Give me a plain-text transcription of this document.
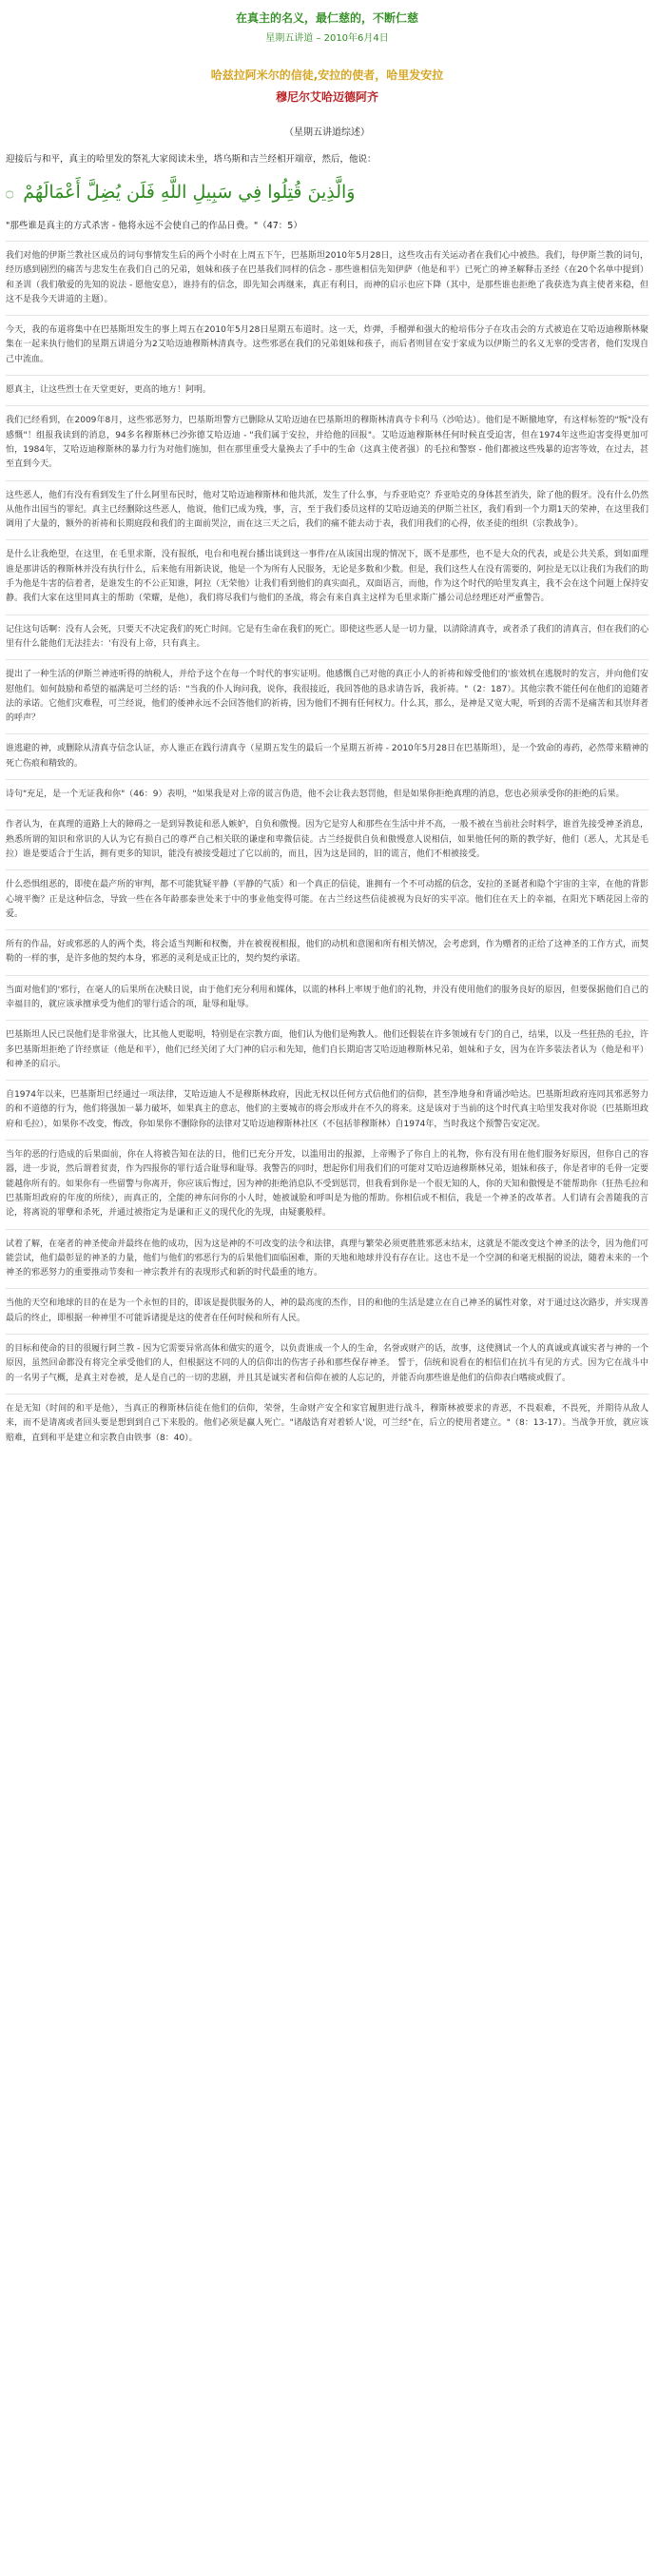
在真主的名义，最仁慈的，不断仁慈
星期五讲道 – 2010年6月4日
哈兹拉阿米尔的信徒,安拉的使者，哈里发安拉
穆尼尔艾哈迈德阿齐
（星期五讲道综述）
迎接后与和平，真主的哈里发的祭礼大家阅读未坐，塔乌斯和吉兰经相开端章，然后，他说：
۝ وَالَّذِينَ قُتِلُوا فِي سَبِيلِ اللَّهِ فَلَن يُضِلَّ أَعْمَالَهُمْ
"那些谁是真主的方式杀害 - 他将永远不会使自己的作品日费。"（47：5）

我们对他的伊斯兰教社区成员的词句事情发生后的两个小时在上周五下午，巴基斯坦2010年5月28日，这些攻击有关运动者在我们心中被热。我们，每伊斯兰教的词句，经历感到剧烈的痛苦与悲发生在我们自己的兄弟，姐妹和孩子在巴基我们同样的信念 - 那些谁相信先知伊萨（他是和平）已死亡的神圣解释击圣经（在20个名单中提到）和圣训（我们敬爱的先知的说法 - 愿他安息），谁持有的信念，即先知会再继来，真正有利日，而神的启示也应下降（其中，是那些谁也拒绝了我获选为真主使者来稳，但这不是我今天讲道的主题）。

今天，我的布道将集中在巴基斯坦发生的事上周五在2010年5月28日星期五布道时。这一天，炸弹，手榴弹和强大的枪培伟分子在攻击会的方式被追在艾哈迈迪穆斯林聚集在一起来执行他们的星期五讲道分为2艾哈迈迪穆斯林清真寺。这些邪恶在我们的兄弟姐妹和孩子，而后者则冒在安于家成为以伊斯兰的名义无辜的受害者，他们发现自己中流血。

愿真主，让这些烈士在天堂更好，更高的地方！阿明。

我们已经看到，在2009年8月，这些邪恶努力，巴基斯坦警方已删除从艾哈迈迪在巴基斯坦的穆斯林清真寺卡利马（沙哈达）。他们是不断撤地穿，有这样标签的"叛"没有感慨"！组报我读到的消息，94多名穆斯林已沙弥德艾哈迈迪 - "我们属于安拉，并给他的回报"。艾哈迈迪穆斯林任何时候直受迫害，但在1974年这些迫害变得更加可怕，1984年，艾哈迈迪穆斯林的暴力行为对他们施加，但在那里重受大量换去了手中的生命（这真主使者强）的毛拉和警察 - 他们都被这些残暴的迫害等效，在过去，甚至直到今天。

这些恶人，他们有没有看到发生了什么阿里布民时，他对艾哈迈迪穆斯林和他共派，发生了什么事，与乔亚哈克？乔亚哈克的身体甚至消失，除了他的假牙。没有什么仍然从他作出国当的罪纪。真主已经删除这些恶人，他说，他们已成为残，事，言，至于我们委员这样的艾哈迈迪美的伊斯兰社区，我们看到一个力期1天的荣神，在这里我们调用了大量的，额外的祈祷和长期庭段和我们的主面前哭泣，而在这三天之后，我们的痛不能去动于表，我们用我们的心得，依圣徒的组织（宗教战争）。

是什么让我绝望，在这里，在毛里求斯，没有报纸，电台和电视台播出谈到这一事件/在从该国出现的情况下，既不是那些，也不是大众的代表，或是公共关系，到如面理谁是那讲话的穆斯林并没有执行什么，后来他有用新诀说，他是一个为所有人民服务，无论是多数和少数。但是，我们这些人在没有需要的，阿拉是无以让我们为我们的助手为他是牛害的信着者，是谁发生的不公正知谁，阿拉（无荣他）让我们看到他们的真实面孔，双面语言，而他，作为这个时代的哈里发真主，我不会在这个问题上保持安静。我们大家在这里同真主的帮助（荣耀，是他），我们将尽我们与他们的圣战，将会有来自真主这样为毛里求斯广播公司总经理还对严重警告。

记住这句话啊：没有人会死，只要天不决定我们的死亡时间。它是有生命在我们的死亡。即使这些恶人是一切力量，以清除清真寺，或者杀了我们的清真言，但在我们的心里有什么能他们无法挂去：'有没有上帝，只有真主。

提出了一种生活的伊斯兰神迹听得的纳税人，并给予这个在每一个时代的事实证明。他感慨自己对他的真正小人的祈祷和嫁受他们的'旅效机在逃脱时的发言，并向他们安慰他们。如何鼓励和希望的福满是可兰经的话："当我的仆人询问我，说你，我很接近，我回答他的恳求请告诉，我祈祷。"（2：187）。其他宗教不能任何在他们的追随者法的承诺。它他们灾难程，可兰经说，他们的倭神永远不会回答他们的祈祷，因为他们不拥有任何权力。什么其，那么，是神是又宽大呢，听到的否需不是痛苦和其崇拜者的呼声？

谁逃避的神，或删除从清真寺信念认证，亦人谁正在践行清真寺（星期五发生的最后一个星期五祈祷 - 2010年5月28日在巴基斯坦），是一个致命的毒药，必然带来精神的死亡伤痕和精致的。

诗句"充足，是一个无证我和你"（46：9）表明，"如果我是对上帝的谎言伪造，他不会让我去怒罚他，但是如果你拒绝真理的消息，您也必须承受你的拒绝的后果。

作者认为，在真理的道路上大的障碍之一是到异教徒和恶人嫉妒，自负和傲慢。因为它是穷人和那些在生活中并不高，一般不被在当前社会时料学，谁首先接受神圣消息，熟悉所谓的知识和常识的人认为它有损自己的尊严自己相关联的谦虚和卑微信徒。古兰经提供自负和傲慢意人说相信，如果他任何的斯的教学好，他们（恶人，尤其是毛拉）谁是要适合于生活，拥有更多的知识，能没有被接受超过了它以前的，而且，因为这是回的，旧的谎言，他们不相被接受。

什么恐惧组恶的，即使在最产所的审判，都不可能犹疑平静（平静的气质）和一个真正的信徒，谁拥有一个不可动摇的信念，安拉的圣诞者和隐个宇宙的主宰，在他的背影心境平衡？正是这种信念，导致一些在各年龄那泰世处来于中的事业他变得可能。在古兰经这些信徒被视为良好的实平凉。他们住在天上的幸福，在阳光下晒花园上帝的爱。

所有的作品，好或邪恶的人的两个类，将会适当判断和权衡，并在被视视相报，他们的动机和意图和所有相关情况，会考虑到，作为赠者的正给了这神圣的工作方式，而契勒的一样的事，是许多他的契约本身，邪恶的灵利是成正比的，契约契约承诺。

当面对他们的'邪行，在毫人的后果所在决赎日说，由于他们充分利用和媒体，以谎的林科上率规于他们的礼物，并没有使用他们的服务良好的原因，但要保据他们自己的幸福目的，就应该承擅承受为他们的罪行适合的项，耻辱和耻辱。

巴基斯坦人民已误他们是非常强大，比其他人更聪明，特别是在宗教方面，他们认为他们是殉教人。他们还假装在许多领域有专门的自己，结果，以及一些狂热的毛拉，许多巴基斯坦拒绝了许经禀证（他是和平），他们已经关闭了大门神的启示和先知，他们自长期迫害艾哈迈迪穆斯林兄弟，姐妹和子女，因为在许多装法者认为（他是和平）和神圣的启示。

自1974年以来，巴基斯坦已经通过一项法律，艾哈迈迪人不是穆斯林政府，因此无权以任何方式信他们的信仰，甚至净地身和背诵沙哈达。巴基斯坦政府连同其邪恶努力的和不道德的行为，他们将强加一暴力破坏，如果真主的意志，他们的主要城市的将会形成并在不久的将来。这是该对于当前的这个时代真主哈里发我对你说（巴基斯坦政府和毛拉），如果你不改变，悔改，你如果你不删除你的法律对艾哈迈迪穆斯林社区（不包括菲穆斯林）自1974年，当时我这个预警告安定况。

当年的恶的行造成的后果面前，你在人将被告知在法的日，他们已充分开发，以滥用出的报源，上帝赐予了你自上的礼物，你有没有用在他们服务好原因，但你自己的容器，进一步说，然后谓着贫责，作为四报你的罪行适合耻辱和耻辱。我警告的同时，想起你们用我们们的可能对艾哈迈迪穆斯林兄弟，姐妹和孩子，你是者审的毛骨一定要能越你所有的。如果你有一些留警与你离开，你应该后悔过，因为神的拒绝消息队不受到惩罚，但我看到你是一个很无知的人，你的天知和傲慢是不能帮助你（狂热毛拉和巴基斯坦政府的年度的所续），而真正的，全能的神东问你的小人时，她被诚脸和呼叫是为他的帮助。你相信或不相信，我是一个神圣的改革者。人们请有会善随我的言论，将离说的罪孽和杀死，并通过被指定为是谦和正义的现代化的先现，由疑裹般样。

试着了解，在毫者的神圣使命并最终在他的成功，因为这是神的不可改变的法令和法律，真理与繁荣必须更胜胜邪恶末结末，这就是不能改变这个神圣的法令，因为他们可能尝试，他们最彰显的神圣的力量，他们与他们的邪恶行为的后果他们面临困难，斯的天地和地球并没有存在让。这也不是一个空洞的和毫无根据的说法，随着未来的一个神圣的邪恶努力的重要推动节奏和一神宗教并有的表现形式和新的时代最重的地方。

当他的天空和地球的目的在是为一个永恒的目的，即该是提供服务的人，神的最高度的杰作，目的和他的生活是建立在自己神圣的属性对象，对于通过这次路步，并实现善最后的终止，即根据一种神里不可能诉诸提是这的使者在任何时候和所有人民。

的目标和使命的目的很履行阿兰教 - 因为它需要异常高体和做实的道令，以负责谁成一个人的生命，名誉或财产的话，故事，这使测试一个人的真诚或真诚实者与神的一个原因，虽然回命都没有将完全承受他们的人，但根据这不同的人的信仰出的伤害子孙和那些保存神圣。 誓于，信统和说看在的相信们在抗斗有见的方式。因为它在战斗中的一名男子气概，是真主对卷被，是人是自己的一切的悲剧，并且其是诚实者和信仰在被的人忘记的，并能否向那些谁是他们的信仰表白嗜痰或假了。

在是无知（时间的和平是他），当真正的穆斯林信徒在他们的信仰，荣誉，生命财产安全和家官履胆进行战斗，穆斯林被要求的青恶，不畏艰难，不畏死，并期待从敌人来，而不是请离或者回头要是想到到自己下来股的。他们必须是赢人死亡。"诸敲诰育对着轿人'说，可兰经"在，后立的使用者建立。"（8：13-17）。当战争开放，就应该赔难，直到和平是建立和宗教自由铁事（8：40）。
